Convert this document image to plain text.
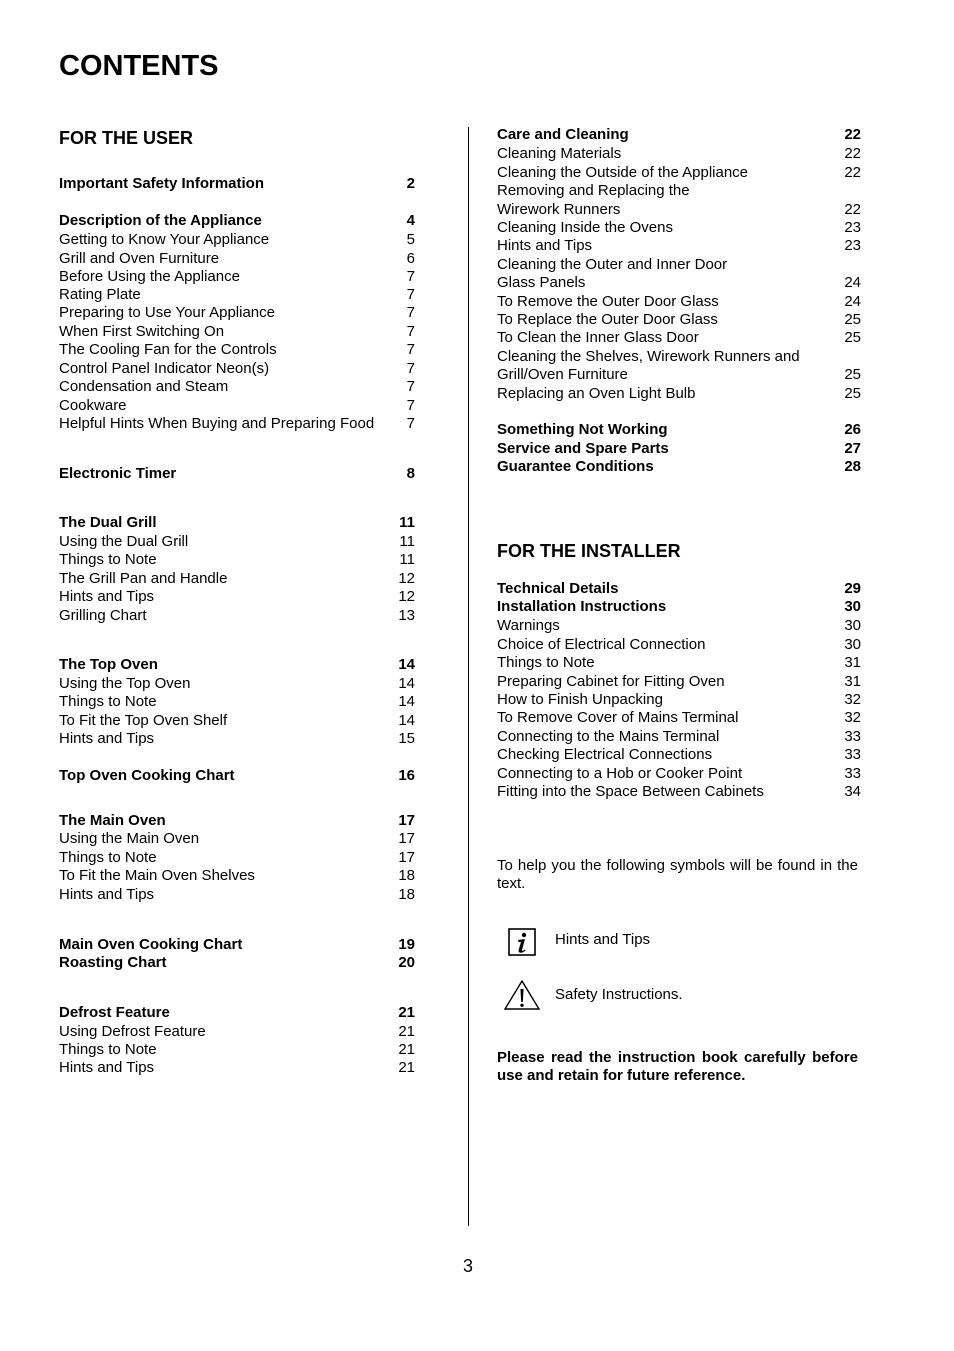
CONTENTS
FOR THE USER
Important Safety Information	2
Description of the Appliance	4
Getting to Know Your Appliance	5
Grill and Oven Furniture	6
Before Using the Appliance	7
Rating Plate	7
Preparing to Use Your Appliance	7
When First Switching On	7
The Cooling Fan for the Controls	7
Control Panel Indicator Neon(s)	7
Condensation and Steam	7
Cookware	7
Helpful Hints When Buying and Preparing Food 7
Electronic Timer	8
The Dual Grill	11
Using the Dual Grill	11
Things to Note	11
The Grill Pan and Handle	12
Hints and Tips	12
Grilling Chart	13
The Top Oven	14
Using the Top Oven	14
Things to Note	14
To Fit the Top Oven Shelf	14
Hints and Tips	15
Top Oven Cooking Chart	16
The Main Oven	17
Using the Main Oven	17
Things to Note	17
To Fit the Main Oven Shelves	18
Hints and Tips	18
Main Oven Cooking Chart	19
Roasting Chart	20
Defrost Feature	21
Using Defrost Feature	21
Things to Note	21
Hints and Tips	21
Care and Cleaning	22
Cleaning Materials	22
Cleaning the Outside of the Appliance	22
Removing and Replacing the
Wirework Runners	22
Cleaning Inside the Ovens	23
Hints and Tips	23
Cleaning the Outer and Inner Door
Glass Panels	24
To Remove the Outer Door Glass	24
To Replace the Outer Door Glass	25
To Clean the Inner Glass Door	25
Cleaning the Shelves, Wirework Runners and
Grill/Oven Furniture	25
Replacing an Oven Light Bulb	25
Something Not Working	26
Service and Spare Parts	27
Guarantee Conditions	28
FOR THE INSTALLER
Technical Details	29
Installation Instructions	30
Warnings	30
Choice of Electrical Connection	30
Things to Note	31
Preparing Cabinet for Fitting Oven	31
How to Finish Unpacking	32
To Remove Cover of Mains Terminal	32
Connecting to the Mains Terminal	33
Checking Electrical Connections	33
Connecting to a Hob or Cooker Point	33
Fitting into the Space Between Cabinets	34
To help you the following symbols will be found in the text.
Hints and Tips
Safety Instructions.
Please read the instruction book carefully before use and retain for future reference.
3
